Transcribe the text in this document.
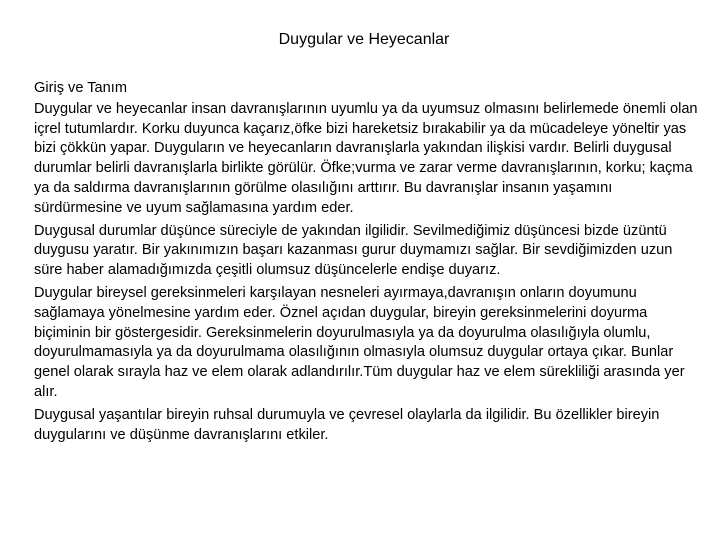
Duygular ve Heyecanlar
Giriş ve Tanım
Duygular ve heyecanlar insan davranışlarının uyumlu ya da uyumsuz olmasını belirlemede önemli olan içrel tutumlardır. Korku duyunca kaçarız,öfke bizi hareketsiz bırakabilir ya da mücadeleye yöneltir yas bizi çökkün yapar. Duyguların ve heyecanların davranışlarla yakından ilişkisi vardır. Belirli duygusal durumlar belirli davranışlarla birlikte görülür. Öfke;vurma ve zarar verme davranışlarının, korku; kaçma ya da saldırma davranışlarının görülme olasılığını arttırır. Bu davranışlar insanın yaşamını sürdürmesine ve uyum sağlamasına yardım eder.
Duygusal durumlar düşünce süreciyle de yakından ilgilidir. Sevilmediğimiz düşüncesi bizde üzüntü duygusu yaratır. Bir yakınımızın başarı kazanması gurur duymamızı sağlar. Bir sevdiğimizden uzun süre haber alamadığımızda çeşitli olumsuz düşüncelerle endişe duyarız.
Duygular bireysel gereksinmeleri karşılayan nesneleri ayırmaya,davranışın onların doyumunu sağlamaya yönelmesine yardım eder. Öznel açıdan duygular, bireyin gereksinmelerini doyurma biçiminin bir göstergesidir. Gereksinmelerin doyurulmasıyla ya da doyurulma olasılığıyla olumlu, doyurulmamasıyla ya da doyurulmama olasılığının olmasıyla olumsuz duygular ortaya çıkar. Bunlar genel olarak sırayla haz ve elem olarak adlandırılır.Tüm duygular haz ve elem sürekliliği arasında yer alır.
Duygusal yaşantılar bireyin ruhsal durumuyla ve çevresel olaylarla da ilgilidir. Bu özellikler bireyin duygularını ve düşünme davranışlarını etkiler.
